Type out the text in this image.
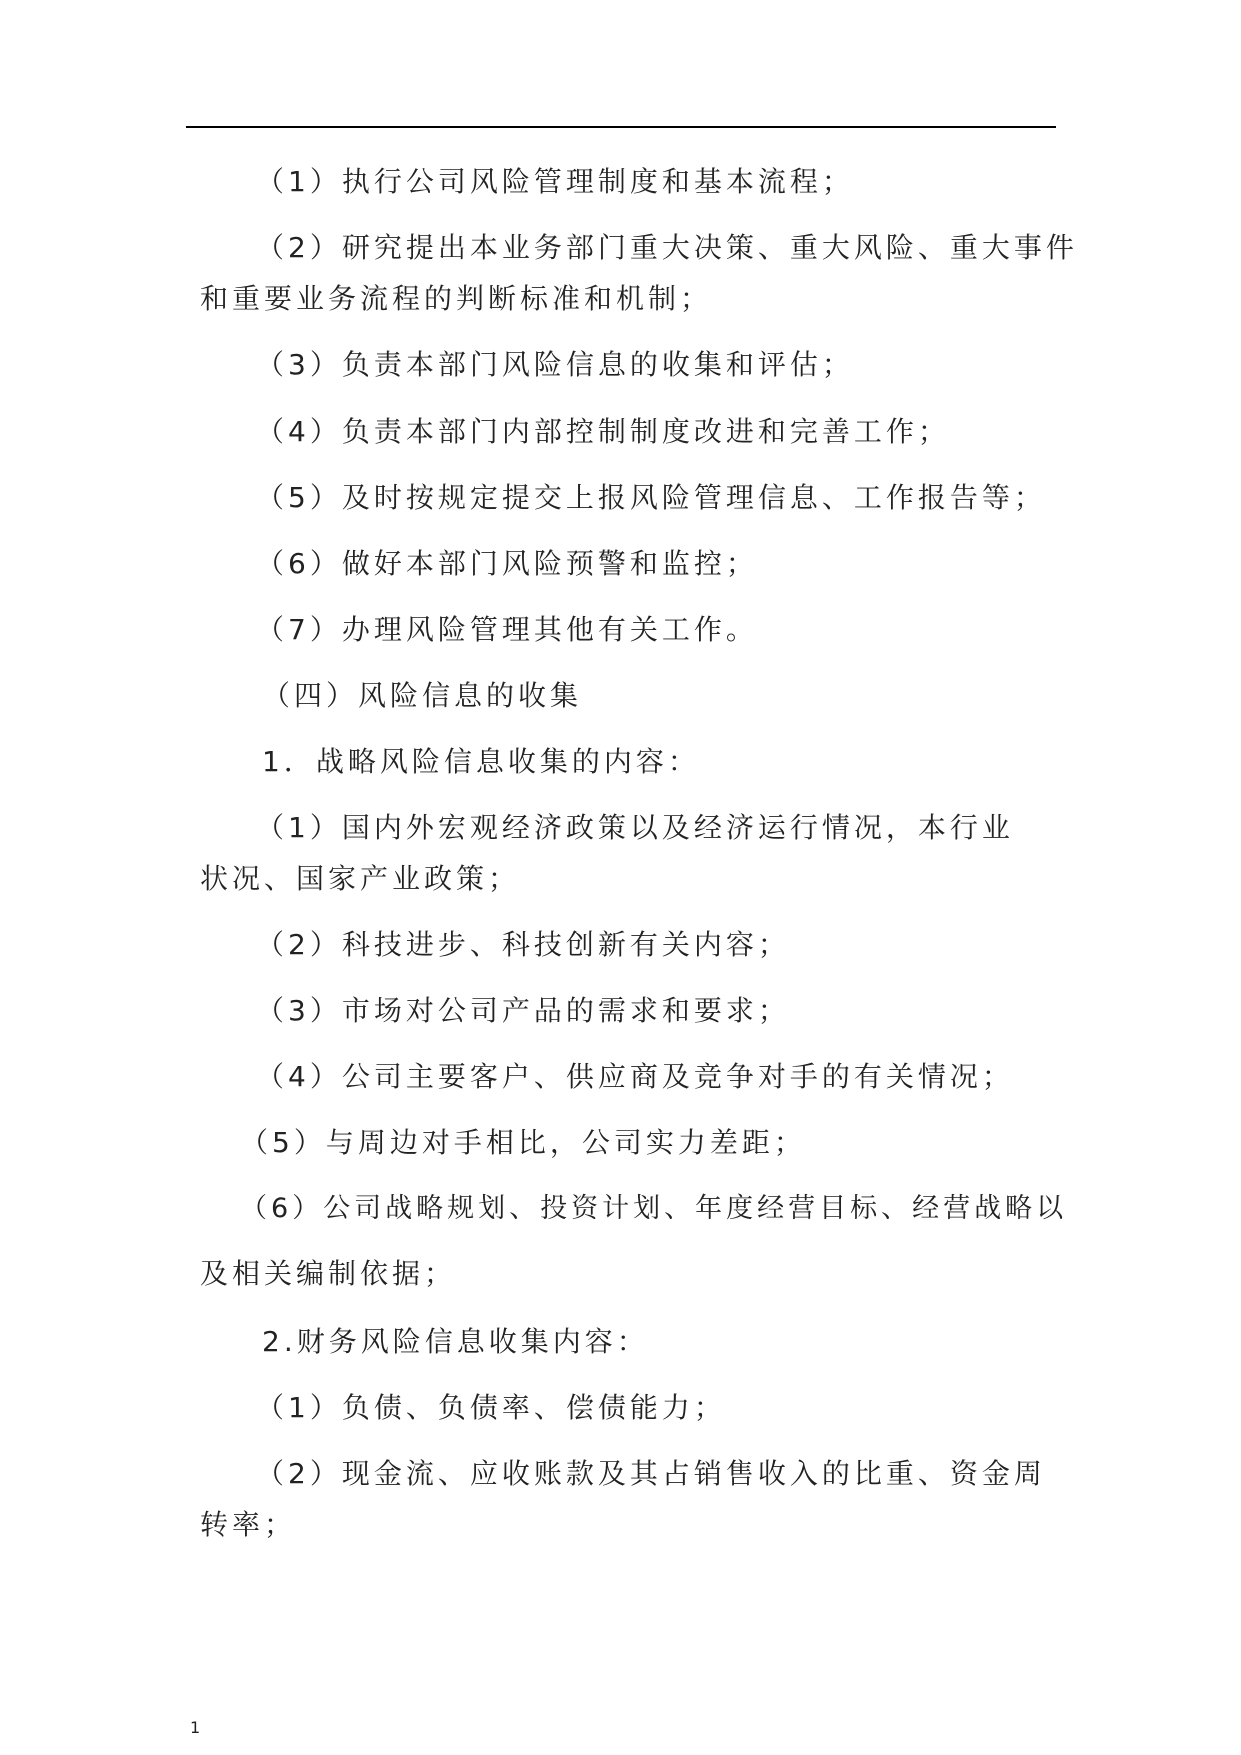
（1）执行公司风险管理制度和基本流程；
（2）研究提出本业务部门重大决策、重大风险、重大事件
和重要业务流程的判断标准和机制；
（3）负责本部门风险信息的收集和评估；
（4）负责本部门内部控制制度改进和完善工作；
（5）及时按规定提交上报风险管理信息、工作报告等；
（6）做好本部门风险预警和监控；
（7）办理风险管理其他有关工作。
（四）风险信息的收集
1．战略风险信息收集的内容：
（1）国内外宏观经济政策以及经济运行情况，本行业
状况、国家产业政策；
（2）科技进步、科技创新有关内容；
（3）市场对公司产品的需求和要求；
（4）公司主要客户、供应商及竞争对手的有关情况；
（5）与周边对手相比，公司实力差距；
（6）公司战略规划、投资计划、年度经营目标、经营战略以
及相关编制依据；
2.财务风险信息收集内容：
（1）负债、负债率、偿债能力；
（2）现金流、应收账款及其占销售收入的比重、资金周
转率；
1
